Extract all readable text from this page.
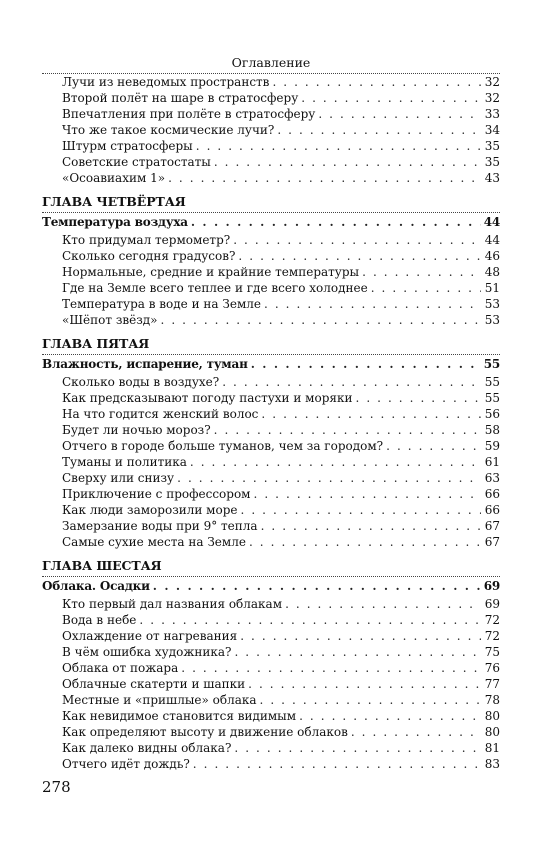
Оглавление
Лучи из неведомых пространств . . .	32
Второй полёт на шаре в стратосферу . . .	32
Впечатления при полёте в стратосферу . . .	33
Что же такое космические лучи? . . .	34
Штурм стратосферы . . .	35
Советские стратостаты . . .	35
«Осоавиахим 1» . . .	43
ГЛАВА ЧЕТВЁРТАЯ
Температура воздуха . . .	44
Кто придумал термометр? . . .	44
Сколько сегодня градусов? . . .	46
Нормальные, средние и крайние температуры . . .	48
Где на Земле всего теплее и где всего холоднее . . .	51
Температура в воде и на Земле . . .	53
«Шёпот звёзд» . . .	53
ГЛАВА ПЯТАЯ
Влажность, испарение, туман . . .	55
Сколько воды в воздухе? . . .	55
Как предсказывают погоду пастухи и моряки . . .	55
На что годится женский волос . . .	56
Будет ли ночью мороз? . . .	58
Отчего в городе больше туманов, чем за городом? . . .	59
Туманы и политика . . .	61
Сверху или снизу . . .	63
Приключение с профессором . . .	66
Как люди заморозили море . . .	66
Замерзание воды при 9° тепла . . .	67
Самые сухие места на Земле . . .	67
ГЛАВА ШЕСТАЯ
Облака. Осадки . . .	69
Кто первый дал названия облакам . . .	69
Вода в небе . . .	72
Охлаждение от нагревания . . .	72
В чём ошибка художника? . . .	75
Облака от пожара . . .	76
Облачные скатерти и шапки . . .	77
Местные и «пришлые» облака . . .	78
Как невидимое становится видимым . . .	80
Как определяют высоту и движение облаков . . .	80
Как далеко видны облака? . . .	81
Отчего идёт дождь? . . .	83
278
